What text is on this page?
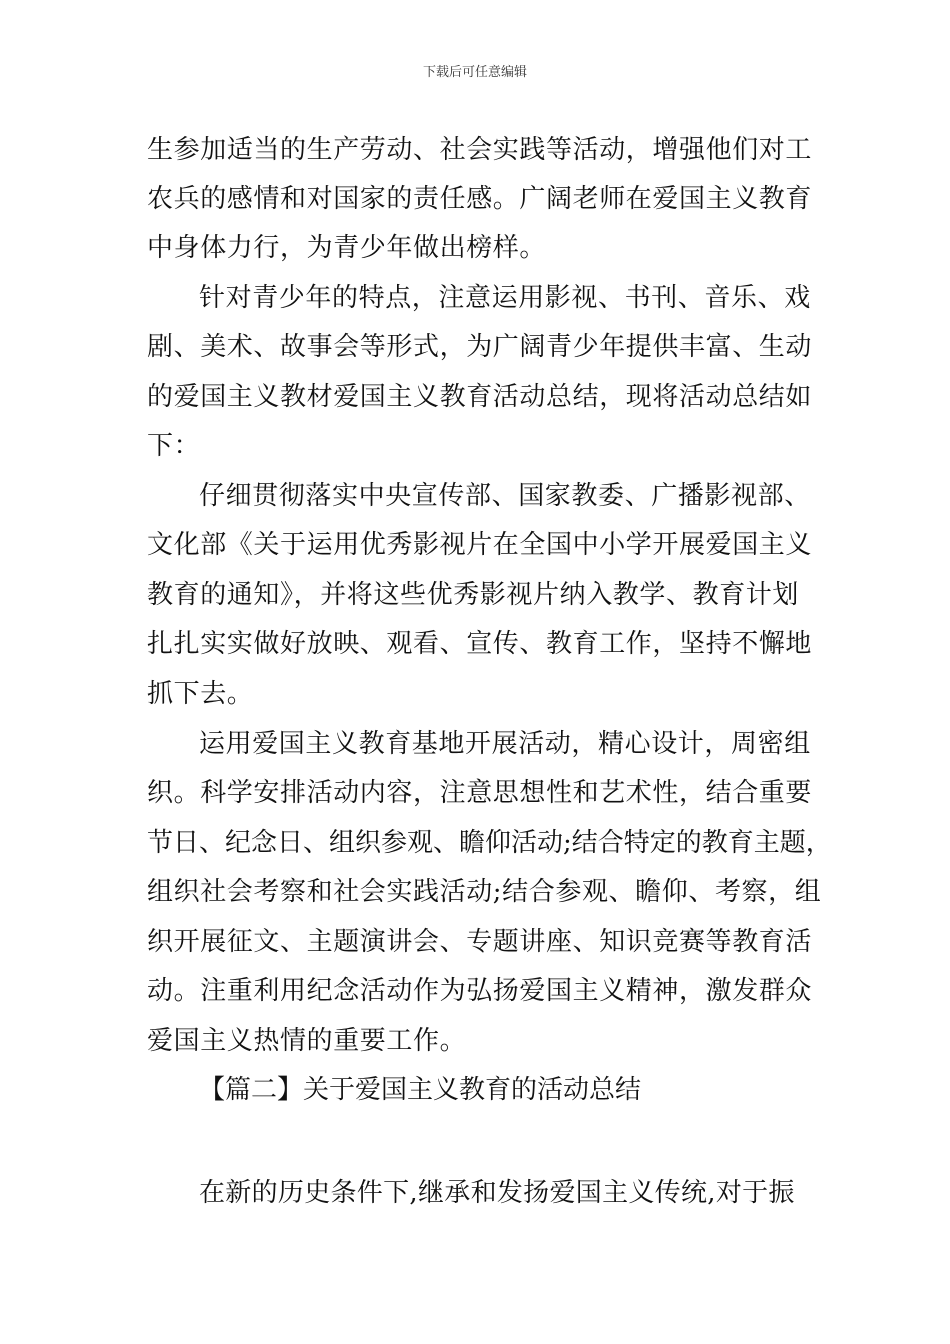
下载后可任意编辑
生参加适当的生产劳动、社会实践等活动，增强他们对工
农兵的感情和对国家的责任感。广阔老师在爱国主义教育
中身体力行，为青少年做出榜样。
针对青少年的特点，注意运用影视、书刊、音乐、戏
剧、美术、故事会等形式，为广阔青少年提供丰富、生动
的爱国主义教材爱国主义教育活动总结，现将活动总结如
下：
仔细贯彻落实中央宣传部、国家教委、广播影视部、
文化部《关于运用优秀影视片在全国中小学开展爱国主义
教育的通知》，并将这些优秀影视片纳入教学、教育计划
扎扎实实做好放映、观看、宣传、教育工作，坚持不懈地
抓下去。
运用爱国主义教育基地开展活动，精心设计，周密组
织。科学安排活动内容，注意思想性和艺术性，结合重要
节日、纪念日、组织参观、瞻仰活动;结合特定的教育主题，
组织社会考察和社会实践活动;结合参观、瞻仰、考察，组
织开展征文、主题演讲会、专题讲座、知识竞赛等教育活
动。注重利用纪念活动作为弘扬爱国主义精神，激发群众
爱国主义热情的重要工作。
【篇二】关于爱国主义教育的活动总结
在新的历史条件下,继承和发扬爱国主义传统,对于振
